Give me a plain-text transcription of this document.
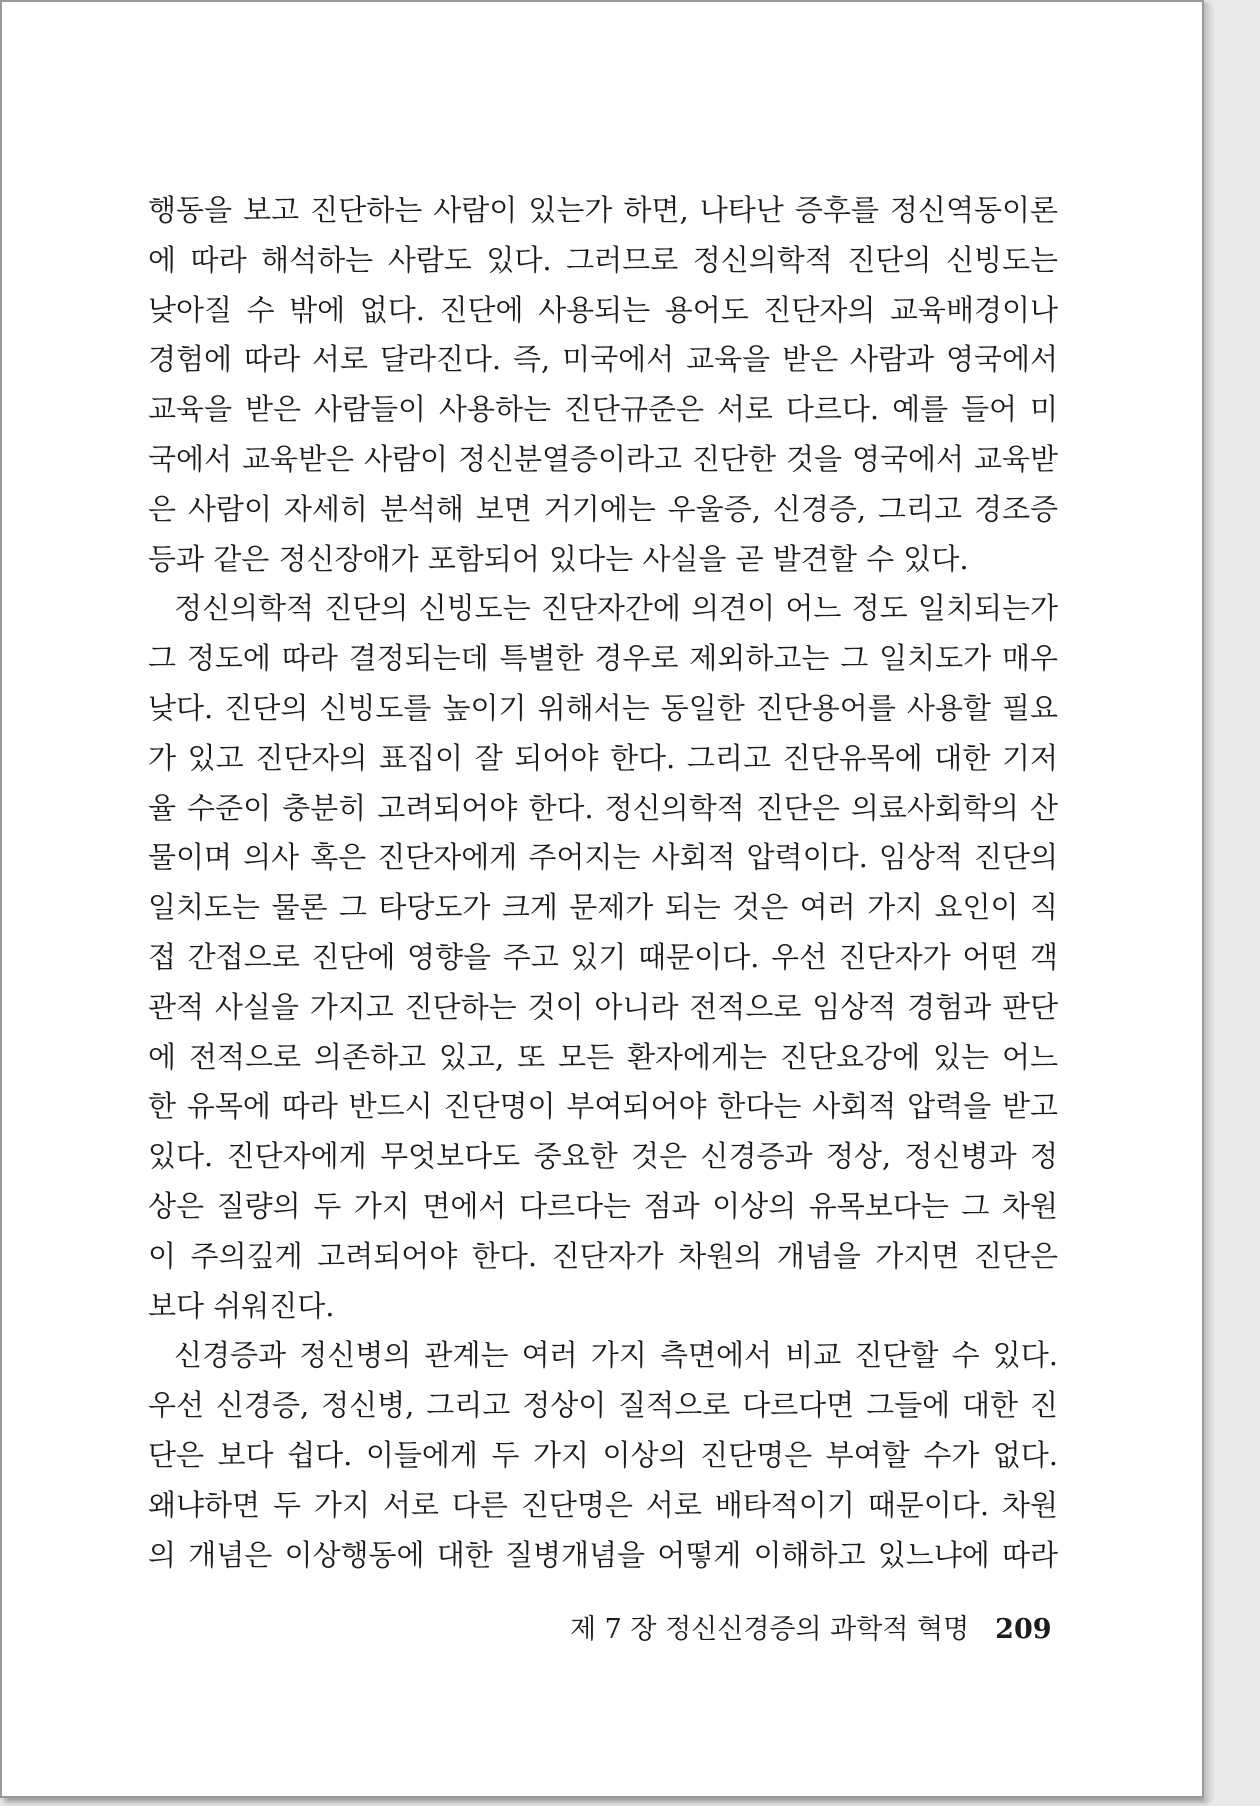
행동을 보고 진단하는 사람이 있는가 하면, 나타난 증후를 정신역동이론
에 따라 해석하는 사람도 있다. 그러므로 정신의학적 진단의 신빙도는
낮아질 수 밖에 없다. 진단에 사용되는 용어도 진단자의 교육배경이나
경험에 따라 서로 달라진다. 즉, 미국에서 교육을 받은 사람과 영국에서
교육을 받은 사람들이 사용하는 진단규준은 서로 다르다. 예를 들어 미
국에서 교육받은 사람이 정신분열증이라고 진단한 것을 영국에서 교육받
은 사람이 자세히 분석해 보면 거기에는 우울증, 신경증, 그리고 경조증
등과 같은 정신장애가 포함되어 있다는 사실을 곧 발견할 수 있다.
정신의학적 진단의 신빙도는 진단자간에 의견이 어느 정도 일치되는가
그 정도에 따라 결정되는데 특별한 경우로 제외하고는 그 일치도가 매우
낮다. 진단의 신빙도를 높이기 위해서는 동일한 진단용어를 사용할 필요
가 있고 진단자의 표집이 잘 되어야 한다. 그리고 진단유목에 대한 기저
율 수준이 충분히 고려되어야 한다. 정신의학적 진단은 의료사회학의 산
물이며 의사 혹은 진단자에게 주어지는 사회적 압력이다. 임상적 진단의
일치도는 물론 그 타당도가 크게 문제가 되는 것은 여러 가지 요인이 직
접 간접으로 진단에 영향을 주고 있기 때문이다. 우선 진단자가 어떤 객
관적 사실을 가지고 진단하는 것이 아니라 전적으로 임상적 경험과 판단
에 전적으로 의존하고 있고, 또 모든 환자에게는 진단요강에 있는 어느
한 유목에 따라 반드시 진단명이 부여되어야 한다는 사회적 압력을 받고
있다. 진단자에게 무엇보다도 중요한 것은 신경증과 정상, 정신병과 정
상은 질량의 두 가지 면에서 다르다는 점과 이상의 유목보다는 그 차원
이 주의깊게 고려되어야 한다. 진단자가 차원의 개념을 가지면 진단은
보다 쉬워진다.
신경증과 정신병의 관계는 여러 가지 측면에서 비교 진단할 수 있다.
우선 신경증, 정신병, 그리고 정상이 질적으로 다르다면 그들에 대한 진
단은 보다 쉽다. 이들에게 두 가지 이상의 진단명은 부여할 수가 없다.
왜냐하면 두 가지 서로 다른 진단명은 서로 배타적이기 때문이다. 차원
의 개념은 이상행동에 대한 질병개념을 어떻게 이해하고 있느냐에 따라
제 7 장 정신신경증의 과학적 혁명 209
